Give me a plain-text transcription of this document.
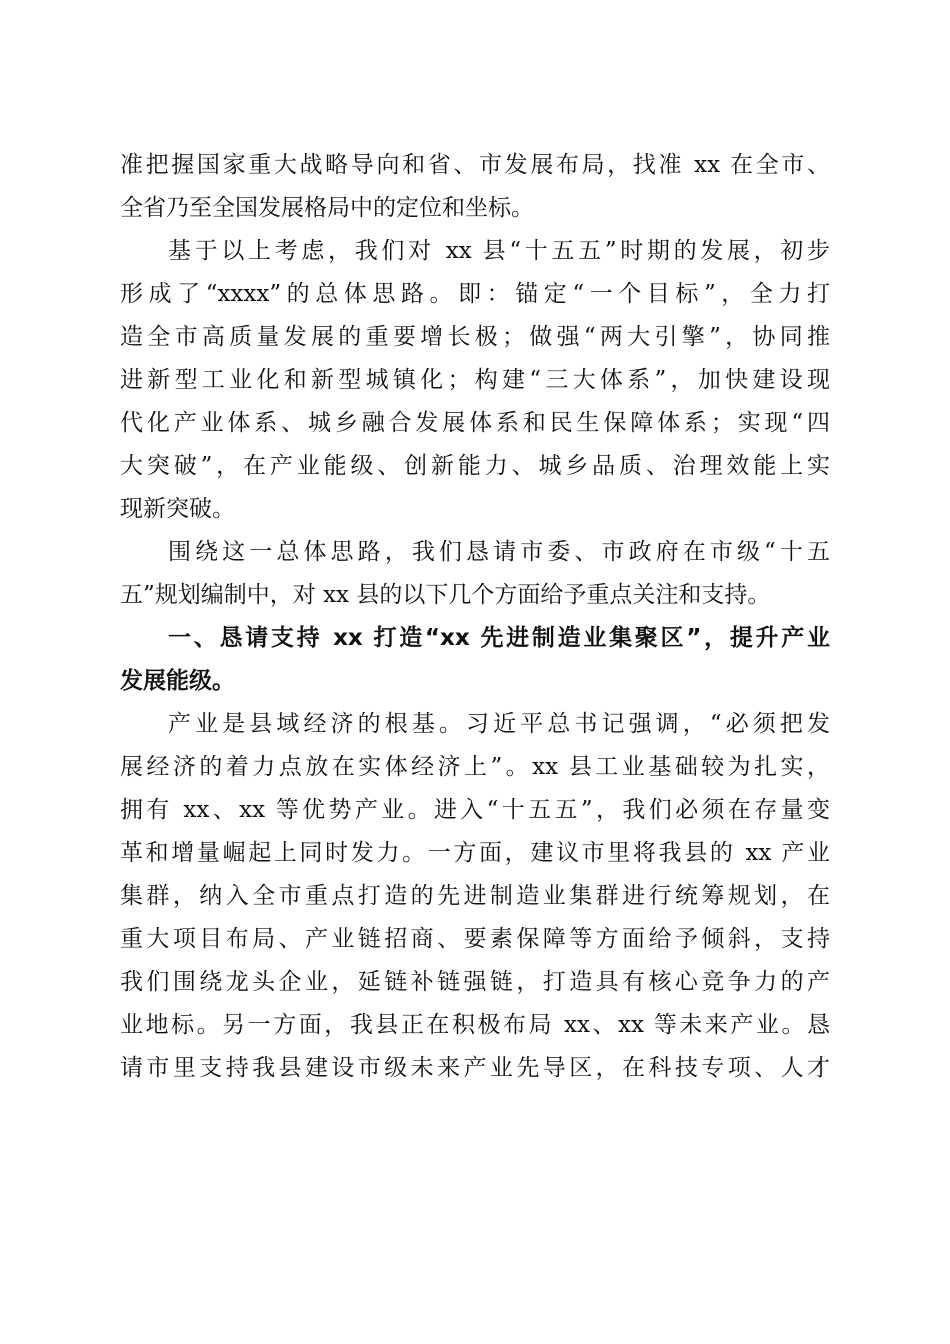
准把握国家重大战略导向和省、市发展布局，找准 xx 在全市、
全省乃至全国发展格局中的定位和坐标。
基于以上考虑，我们对 xx 县“十五五”时期的发展，初步
形成了“xxxx”的总体思路。即：锚定“一个目标”，全力打
造全市高质量发展的重要增长极；做强“两大引擎”，协同推
进新型工业化和新型城镇化；构建“三大体系”，加快建设现
代化产业体系、城乡融合发展体系和民生保障体系；实现“四
大突破”，在产业能级、创新能力、城乡品质、治理效能上实
现新突破。
围绕这一总体思路，我们恳请市委、市政府在市级“十五
五”规划编制中，对 xx 县的以下几个方面给予重点关注和支持。
一、恳请支持 xx 打造“xx 先进制造业集聚区”，提升产业
发展能级。
产业是县域经济的根基。习近平总书记强调，“必须把发
展经济的着力点放在实体经济上”。xx 县工业基础较为扎实，
拥有 xx、xx 等优势产业。进入“十五五”，我们必须在存量变
革和增量崛起上同时发力。一方面，建议市里将我县的 xx 产业
集群，纳入全市重点打造的先进制造业集群进行统筹规划，在
重大项目布局、产业链招商、要素保障等方面给予倾斜，支持
我们围绕龙头企业，延链补链强链，打造具有核心竞争力的产
业地标。另一方面，我县正在积极布局 xx、xx 等未来产业。恳
请市里支持我县建设市级未来产业先导区，在科技专项、人才
